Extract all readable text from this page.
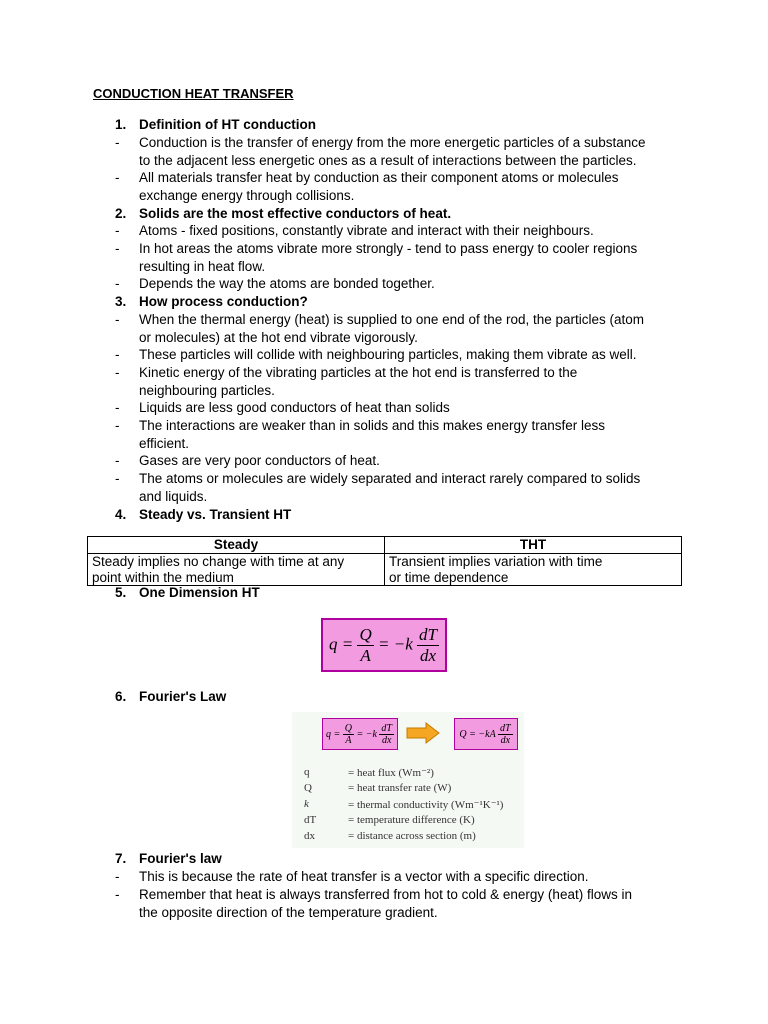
CONDUCTION HEAT TRANSFER
1. Definition of HT conduction
- Conduction is the transfer of energy from the more energetic particles of a substance
to the adjacent less energetic ones as a result of interactions between the particles.
- All materials transfer heat by conduction as their component atoms or molecules
exchange energy through collisions.
2. Solids are the most effective conductors of heat.
- Atoms - fixed positions, constantly vibrate and interact with their neighbours.
- In hot areas the atoms vibrate more strongly - tend to pass energy to cooler regions
resulting in heat flow.
- Depends the way the atoms are bonded together.
3. How process conduction?
- When the thermal energy (heat) is supplied to one end of the rod, the particles (atom
or molecules) at the hot end vibrate vigorously.
- These particles will collide with neighbouring particles, making them vibrate as well.
- Kinetic energy of the vibrating particles at the hot end is transferred to the
neighbouring particles.
- Liquids are less good conductors of heat than solids
- The interactions are weaker than in solids and this makes energy transfer less
efficient.
- Gases are very poor conductors of heat.
- The atoms or molecules are widely separated and interact rarely compared to solids
and liquids.
4. Steady vs. Transient HT
Steady	THT
Steady implies no change with time at any
point within the medium	Transient implies variation with time
or time dependence
5. One Dimension HT
$q = \frac{Q}{A} = -k \frac{dT}{dx}$
6. Fourier's Law
$q = \frac{Q}{A} = -k \frac{dT}{dx}$	$Q = -kA \frac{dT}{dx}$
q	= heat flux (Wm⁻²)
Q	= heat transfer rate (W)
k	= thermal conductivity (Wm⁻¹K⁻¹)
dT	= temperature difference (K)
dx	= distance across section (m)
7. Fourier's law
- This is because the rate of heat transfer is a vector with a specific direction.
- Remember that heat is always transferred from hot to cold & energy (heat) flows in
the opposite direction of the temperature gradient.
